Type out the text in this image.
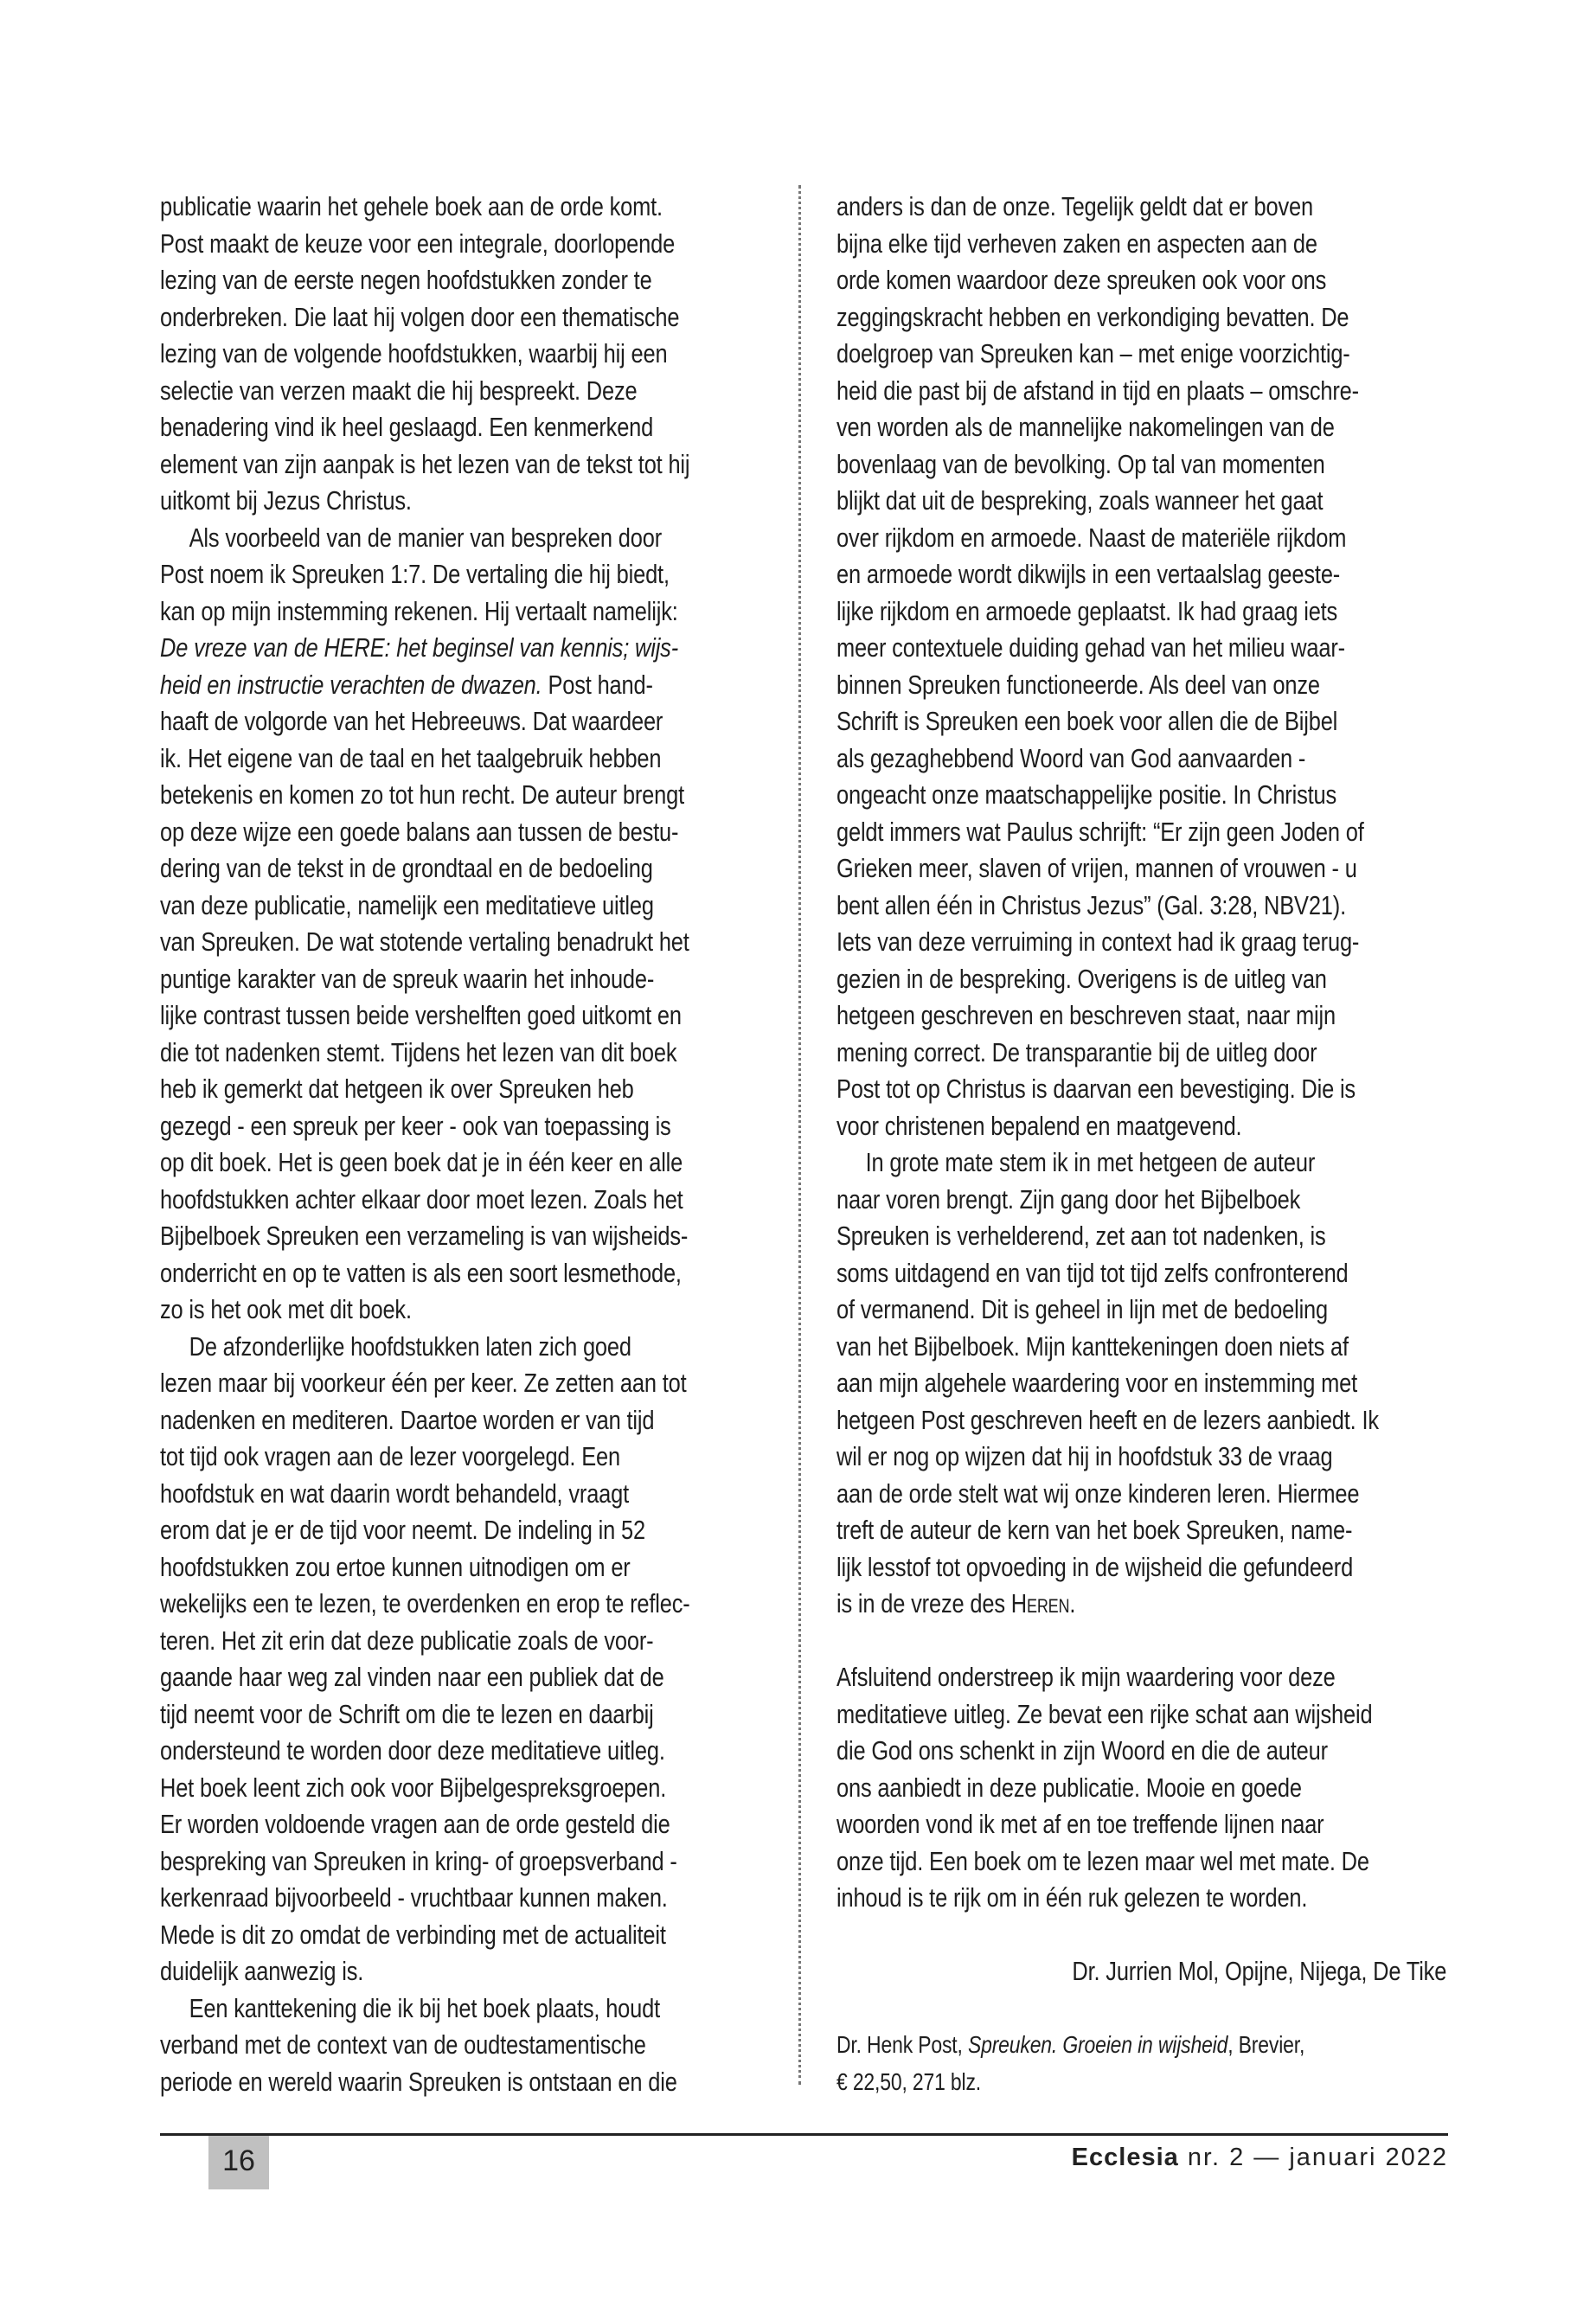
publicatie waarin het gehele boek aan de orde komt.
Post maakt de keuze voor een integrale, doorlopende
lezing van de eerste negen hoofdstukken zonder te
onderbreken. Die laat hij volgen door een thematische
lezing van de volgende hoofdstukken, waarbij hij een
selectie van verzen maakt die hij bespreekt. Deze
benadering vind ik heel geslaagd. Een kenmerkend
element van zijn aanpak is het lezen van de tekst tot hij
uitkomt bij Jezus Christus.
Als voorbeeld van de manier van bespreken door
Post noem ik Spreuken 1:7. De vertaling die hij biedt,
kan op mijn instemming rekenen. Hij vertaalt namelijk:
De vreze van de HERE: het beginsel van kennis; wijs-
heid en instructie verachten de dwazen. Post hand-
haaft de volgorde van het Hebreeuws. Dat waardeer
ik. Het eigene van de taal en het taalgebruik hebben
betekenis en komen zo tot hun recht. De auteur brengt
op deze wijze een goede balans aan tussen de bestu-
dering van de tekst in de grondtaal en de bedoeling
van deze publicatie, namelijk een meditatieve uitleg
van Spreuken. De wat stotende vertaling benadrukt het
puntige karakter van de spreuk waarin het inhoude-
lijke contrast tussen beide vershelften goed uitkomt en
die tot nadenken stemt. Tijdens het lezen van dit boek
heb ik gemerkt dat hetgeen ik over Spreuken heb
gezegd - een spreuk per keer - ook van toepassing is
op dit boek. Het is geen boek dat je in één keer en alle
hoofdstukken achter elkaar door moet lezen. Zoals het
Bijbelboek Spreuken een verzameling is van wijsheids-
onderricht en op te vatten is als een soort lesmethode,
zo is het ook met dit boek.
De afzonderlijke hoofdstukken laten zich goed
lezen maar bij voorkeur één per keer. Ze zetten aan tot
nadenken en mediteren. Daartoe worden er van tijd
tot tijd ook vragen aan de lezer voorgelegd. Een
hoofdstuk en wat daarin wordt behandeld, vraagt
erom dat je er de tijd voor neemt. De indeling in 52
hoofdstukken zou ertoe kunnen uitnodigen om er
wekelijks een te lezen, te overdenken en erop te reflec-
teren. Het zit erin dat deze publicatie zoals de voor-
gaande haar weg zal vinden naar een publiek dat de
tijd neemt voor de Schrift om die te lezen en daarbij
ondersteund te worden door deze meditatieve uitleg.
Het boek leent zich ook voor Bijbelgespreksgroepen.
Er worden voldoende vragen aan de orde gesteld die
bespreking van Spreuken in kring- of groepsverband -
kerkenraad bijvoorbeeld - vruchtbaar kunnen maken.
Mede is dit zo omdat de verbinding met de actualiteit
duidelijk aanwezig is.
Een kanttekening die ik bij het boek plaats, houdt
verband met de context van de oudtestamentische
periode en wereld waarin Spreuken is ontstaan en die
anders is dan de onze. Tegelijk geldt dat er boven
bijna elke tijd verheven zaken en aspecten aan de
orde komen waardoor deze spreuken ook voor ons
zeggingskracht hebben en verkondiging bevatten. De
doelgroep van Spreuken kan – met enige voorzichtig-
heid die past bij de afstand in tijd en plaats – omschre-
ven worden als de mannelijke nakomelingen van de
bovenlaag van de bevolking. Op tal van momenten
blijkt dat uit de bespreking, zoals wanneer het gaat
over rijkdom en armoede. Naast de materiële rijkdom
en armoede wordt dikwijls in een vertaalslag geeste-
lijke rijkdom en armoede geplaatst. Ik had graag iets
meer contextuele duiding gehad van het milieu waar-
binnen Spreuken functioneerde. Als deel van onze
Schrift is Spreuken een boek voor allen die de Bijbel
als gezaghebbend Woord van God aanvaarden -
ongeacht onze maatschappelijke positie. In Christus
geldt immers wat Paulus schrijft: “Er zijn geen Joden of
Grieken meer, slaven of vrijen, mannen of vrouwen - u
bent allen één in Christus Jezus” (Gal. 3:28, NBV21).
Iets van deze verruiming in context had ik graag terug-
gezien in de bespreking. Overigens is de uitleg van
hetgeen geschreven en beschreven staat, naar mijn
mening correct. De transparantie bij de uitleg door
Post tot op Christus is daarvan een bevestiging. Die is
voor christenen bepalend en maatgevend.
In grote mate stem ik in met hetgeen de auteur
naar voren brengt. Zijn gang door het Bijbelboek
Spreuken is verhelderend, zet aan tot nadenken, is
soms uitdagend en van tijd tot tijd zelfs confronterend
of vermanend. Dit is geheel in lijn met de bedoeling
van het Bijbelboek. Mijn kanttekeningen doen niets af
aan mijn algehele waardering voor en instemming met
hetgeen Post geschreven heeft en de lezers aanbiedt. Ik
wil er nog op wijzen dat hij in hoofdstuk 33 de vraag
aan de orde stelt wat wij onze kinderen leren. Hiermee
treft de auteur de kern van het boek Spreuken, name-
lijk lesstof tot opvoeding in de wijsheid die gefundeerd
is in de vreze des Heren.
Afsluitend onderstreep ik mijn waardering voor deze
meditatieve uitleg. Ze bevat een rijke schat aan wijsheid
die God ons schenkt in zijn Woord en die de auteur
ons aanbiedt in deze publicatie. Mooie en goede
woorden vond ik met af en toe treffende lijnen naar
onze tijd. Een boek om te lezen maar wel met mate. De
inhoud is te rijk om in één ruk gelezen te worden.
Dr. Jurrien Mol, Opijne, Nijega, De Tike
Dr. Henk Post, Spreuken. Groeien in wijsheid, Brevier,
€ 22,50, 271 blz.
16	Ecclesia nr. 2 — januari 2022
